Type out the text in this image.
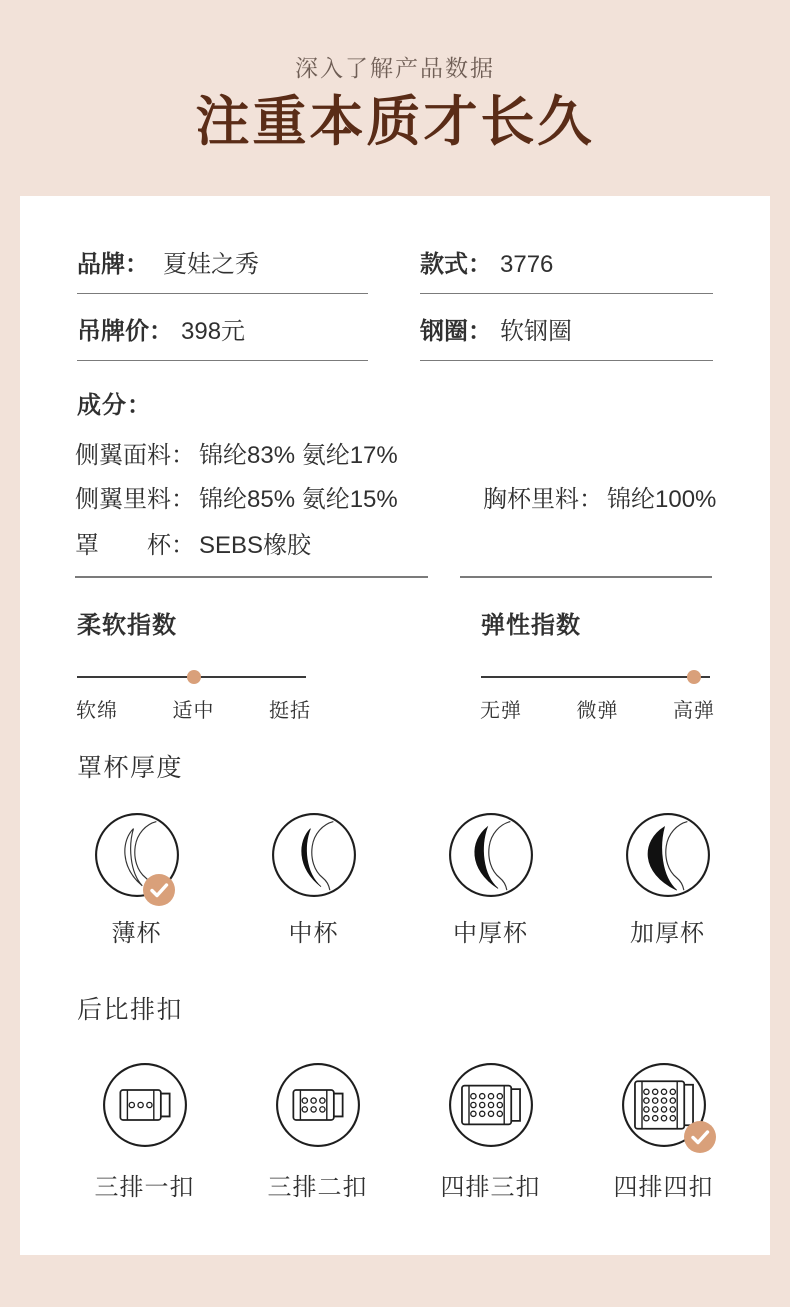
深入了解产品数据
注重本质才长久
品牌： 夏娃之秀	款式： 3776
吊牌价： 398元	钢圈： 软钢圈
成分：
侧翼面料： 锦纶83% 氨纶17%
侧翼里料： 锦纶85% 氨纶15%	胸杯里料： 锦纶100%
罩　　杯： SEBS橡胶
柔软指数
软绵	适中	挺括
弹性指数
无弹	微弹	高弹
罩杯厚度
薄杯	中杯	中厚杯	加厚杯
后比排扣
三排一扣	三排二扣	四排三扣	四排四扣
